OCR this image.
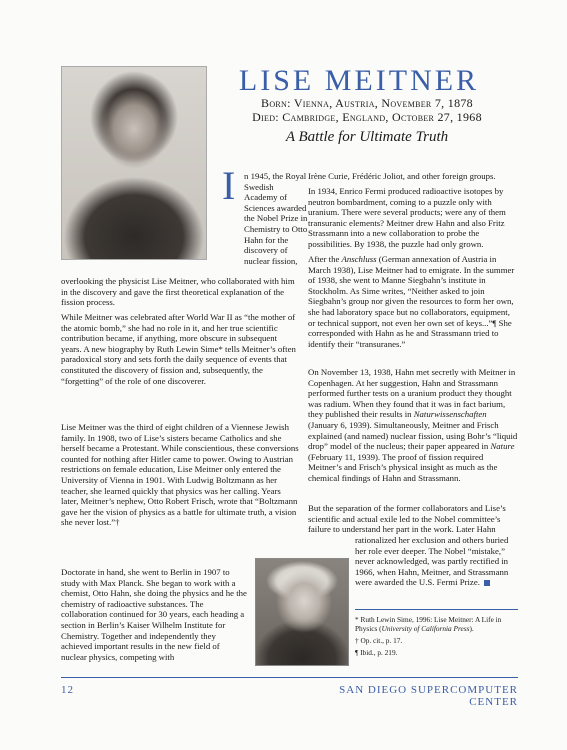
LISE MEITNER
Born: Vienna, Austria, November 7, 1878
Died: Cambridge, England, October 27, 1968
A Battle for Ultimate Truth
I n 1945, the Royal Swedish Academy of Sciences awarded the Nobel Prize in Chemistry to Otto Hahn for the discovery of nuclear fission,

overlooking the physicist Lise Meitner, who collaborated with him in the discovery and gave the first theoretical explanation of the fission process.

While Meitner was celebrated after World War II as “the mother of the atomic bomb,” she had no role in it, and her true scientific contribution became, if anything, more obscure in subsequent years. A new biography by Ruth Lewin Sime* tells Meitner’s often paradoxical story and sets forth the daily sequence of events that constituted the discovery of fission and, subsequently, the “forgetting” of the role of one discoverer.

Lise Meitner was the third of eight children of a Viennese Jewish family. In 1908, two of Lise’s sisters became Catholics and she herself became a Protestant. While conscientious, these conversions counted for nothing after Hitler came to power. Owing to Austrian restrictions on female education, Lise Meitner only entered the University of Vienna in 1901. With Ludwig Boltzmann as her teacher, she learned quickly that physics was her calling. Years later, Meitner’s nephew, Otto Robert Frisch, wrote that “Boltzmann gave her the vision of physics as a battle for ultimate truth, a vision she never lost.”†

Doctorate in hand, she went to Berlin in 1907 to study with Max Planck. She began to work with a chemist, Otto Hahn, she doing the physics and he the chemistry of radioactive substances. The collaboration continued for 30 years, each heading a section in Berlin’s Kaiser Wilhelm Institute for Chemistry. Together and independently they achieved important results in the new field of nuclear physics, competing with

Irène Curie, Frédéric Joliot, and other foreign groups.

In 1934, Enrico Fermi produced radioactive isotopes by neutron bombardment, coming to a puzzle only with uranium. There were several products; were any of them transuranic elements? Meitner drew Hahn and also Fritz Strassmann into a new collaboration to probe the possibilities. By 1938, the puzzle had only grown.

After the Anschluss (German annexation of Austria in March 1938), Lise Meitner had to emigrate. In the summer of 1938, she went to Manne Siegbahn’s institute in Stockholm. As Sime writes, “Neither asked to join Siegbahn’s group nor given the resources to form her own, she had laboratory space but no collaborators, equipment, or technical support, not even her own set of keys...”¶ She corresponded with Hahn as he and Strassmann tried to identify their “transuranes.”

On November 13, 1938, Hahn met secretly with Meitner in Copenhagen. At her suggestion, Hahn and Strassmann performed further tests on a uranium product they thought was radium. When they found that it was in fact barium, they published their results in Naturwissenschaften (January 6, 1939). Simultaneously, Meitner and Frisch explained (and named) nuclear fission, using Bohr’s “liquid drop” model of the nucleus; their paper appeared in Nature (February 11, 1939). The proof of fission required Meitner’s and Frisch’s physical insight as much as the chemical findings of Hahn and Strassmann.

But the separation of the former collaborators and Lise’s scientific and actual exile led to the Nobel committee’s failure to understand her part in the work. Later Hahn

rationalized her exclusion and others buried her role ever deeper. The Nobel “mistake,” never acknowledged, was partly rectified in 1966, when Hahn, Meitner, and Strassmann were awarded the U.S. Fermi Prize.

* Ruth Lewin Sime, 1996: Lise Meitner: A Life in Physics (University of California Press).

† Op. cit., p. 17.

¶ Ibid., p. 219.

12	SAN DIEGO SUPERCOMPUTER CENTER
